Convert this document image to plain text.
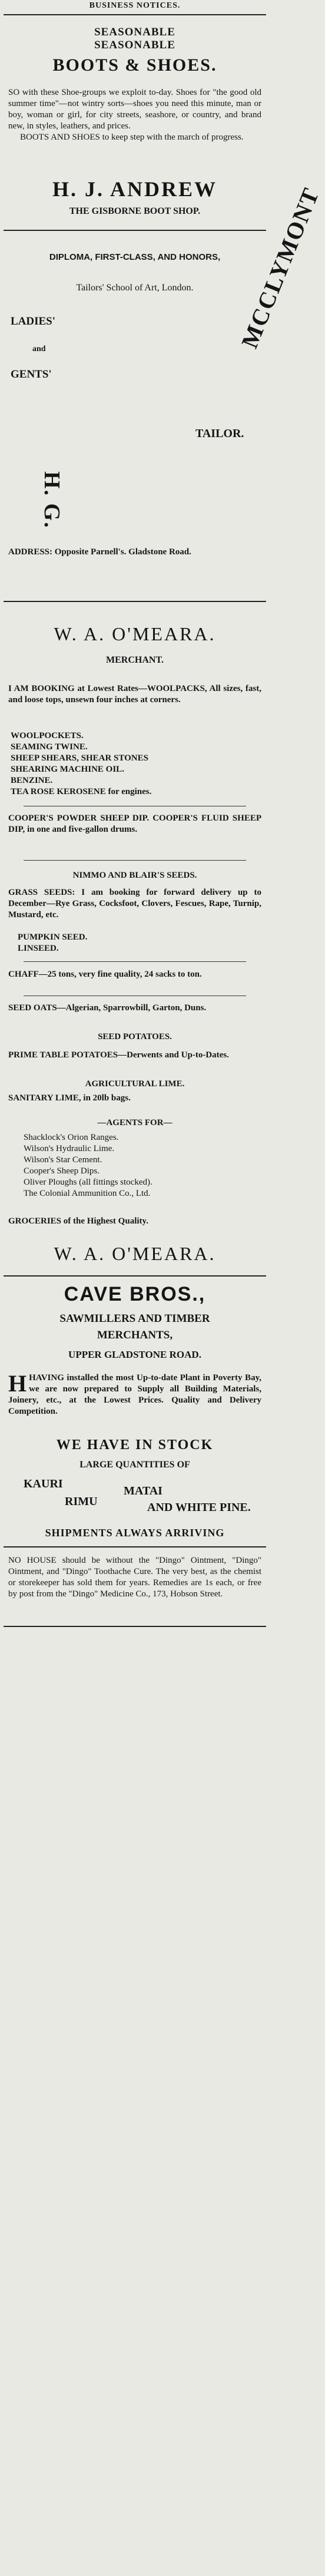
BUSINESS NOTICES.
SEASONABLE
SEASONABLE
BOOTS & SHOES.
SO with these Shoe-groups we exploit to-day. Shoes for "the good old summer time"—not wintry sorts—shoes you need this minute, man or boy, woman or girl, for city streets, seashore, or country, and brand new, in styles, leathers, and prices.
BOOTS AND SHOES to keep step with the march of progress.
H. J. ANDREW
THE GISBORNE BOOT SHOP.
DIPLOMA, FIRST-CLASS, AND HONORS,
Tailors' School of Art, London.
LADIES'
and
GENTS'
TAILOR.
MCCLYMONT
H. G.
ADDRESS: Opposite Parnell's. Gladstone Road.
W. A. O'MEARA.
MERCHANT.
I AM BOOKING at Lowest Rates—WOOLPACKS, All sizes, fast, and loose tops, unsewn four inches at corners.
WOOLPOCKETS.
SEAMING TWINE.
SHEEP SHEARS, SHEAR STONES
SHEARING MACHINE OIL.
BENZINE.
TEA ROSE KEROSENE for engines.
COOPER'S POWDER SHEEP DIP. COOPER'S FLUID SHEEP DIP, in one and five-gallon drums.
NIMMO AND BLAIR'S SEEDS.
GRASS SEEDS: I am booking for forward delivery up to December—Rye Grass, Cocksfoot, Clovers, Fescues, Rape, Turnip, Mustard, etc.
PUMPKIN SEED.
LINSEED.
CHAFF—25 tons, very fine quality, 24 sacks to ton.
SEED OATS—Algerian, Sparrowbill, Garton, Duns.
SEED POTATOES.
PRIME TABLE POTATOES—Derwents and Up-to-Dates.
AGRICULTURAL LIME.
SANITARY LIME, in 20lb bags.
—AGENTS FOR—
Shacklock's Orion Ranges.
Wilson's Hydraulic Lime.
Wilson's Star Cement.
Cooper's Sheep Dips.
Oliver Ploughs (all fittings stocked).
The Colonial Ammunition Co., Ltd.
GROCERIES of the Highest Quality.
W. A. O'MEARA.
CAVE BROS.,
SAWMILLERS AND TIMBER
MERCHANTS,
UPPER GLADSTONE ROAD.
HHAVING installed the most Up-to-date Plant in Poverty Bay, we are now prepared to Supply all Building Materials, Joinery, etc., at the Lowest Prices. Quality and Delivery Competition.
WE HAVE IN STOCK
LARGE QUANTITIES OF
KAURI
RIMU
MATAI
AND WHITE PINE.
SHIPMENTS ALWAYS ARRIVING
NO HOUSE should be without the "Dingo" Ointment, "Dingo" Ointment, and "Dingo" Toothache Cure. The very best, as the chemist or storekeeper has sold them for years. Remedies are 1s each, or free by post from the "Dingo" Medicine Co., 173, Hobson Street.
